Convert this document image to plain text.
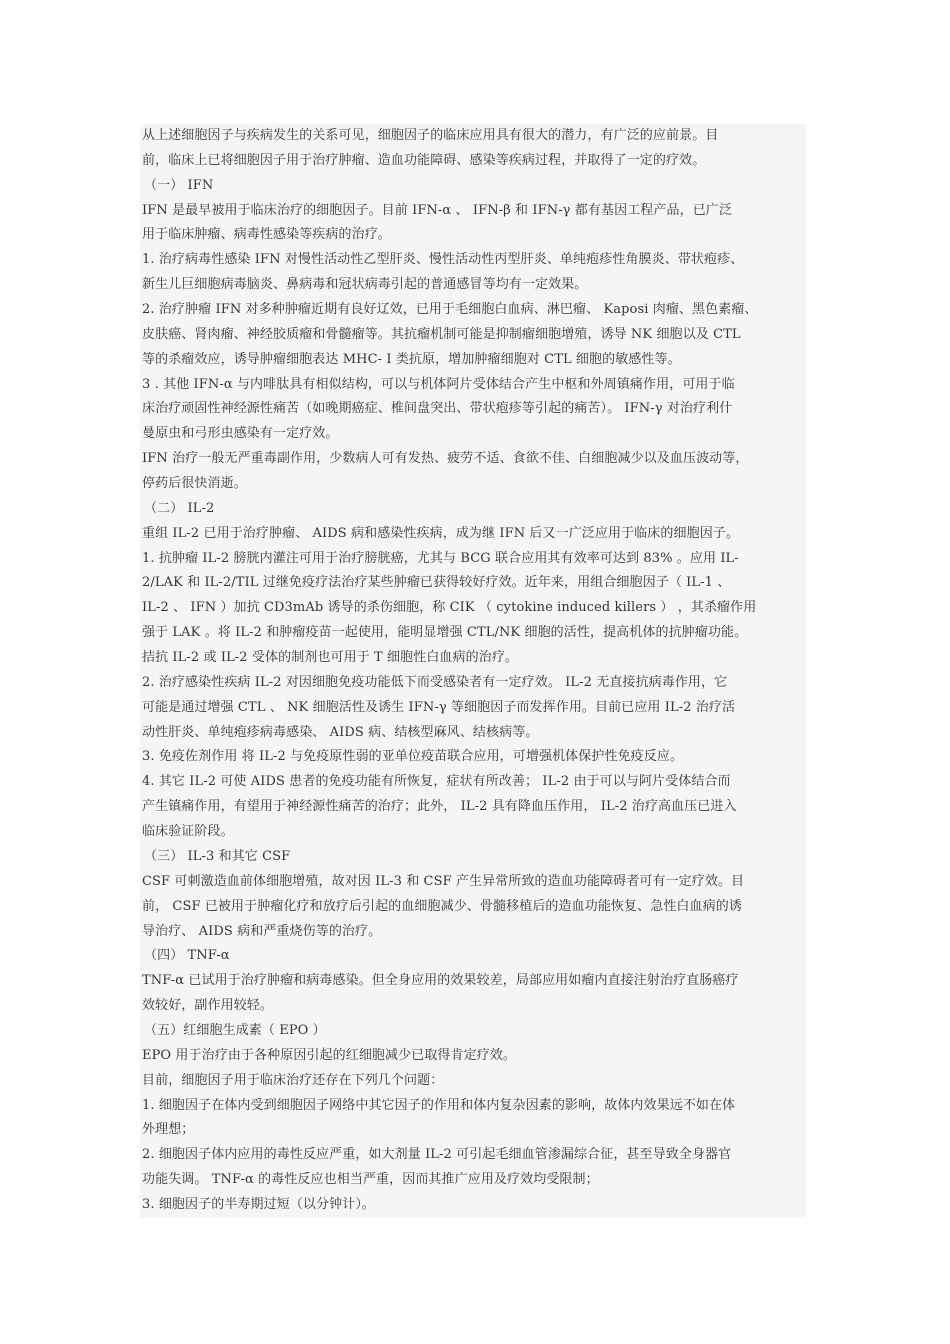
从上述细胞因子与疾病发生的关系可见，细胞因子的临床应用具有很大的潜力，有广泛的应前景。目
前，临床上已将细胞因子用于治疗肿瘤、造血功能障碍、感染等疾病过程，并取得了一定的疗效。
（一） IFN
IFN 是最早被用于临床治疗的细胞因子。目前 IFN-α 、 IFN-β 和 IFN-γ 都有基因工程产品，已广泛
用于临床肿瘤、病毒性感染等疾病的治疗。
1. 治疗病毒性感染 IFN 对慢性活动性乙型肝炎、慢性活动性丙型肝炎、单纯疱疹性角膜炎、带状疱疹、
新生儿巨细胞病毒脑炎、鼻病毒和冠状病毒引起的普通感冒等均有一定效果。
2. 治疗肿瘤 IFN 对多种肿瘤近期有良好辽效，已用于毛细胞白血病、淋巴瘤、 Kaposi 肉瘤、黑色素瘤、
皮肤癌、肾肉瘤、神经胶质瘤和骨髓瘤等。其抗瘤机制可能是抑制瘤细胞增殖，诱导 NK 细胞以及 CTL
等的杀瘤效应，诱导肿瘤细胞表达 MHC- Ⅰ 类抗原，增加肿瘤细胞对 CTL 细胞的敏感性等。
3 . 其他 IFN-α 与内啡肽具有相似结构，可以与机体阿片受体结合产生中枢和外周镇痛作用，可用于临
床治疗顽固性神经源性痛苦（如晚期癌症、椎间盘突出、带状疱疹等引起的痛苦）。 IFN-γ 对治疗利什
曼原虫和弓形虫感染有一定疗效。
IFN 治疗一般无严重毒副作用，少数病人可有发热、疲劳不适、食欲不佳、白细胞减少以及血压波动等，
停药后很快消逝。
（二） IL-2
重组 IL-2 已用于治疗肿瘤、 AIDS 病和感染性疾病，成为继 IFN 后又一广泛应用于临床的细胞因子。
1. 抗肿瘤 IL-2 膀胱内灌注可用于治疗膀胱癌，尤其与 BCG 联合应用其有效率可达到 83% 。应用 IL-
2/LAK 和 IL-2/TIL 过继免疫疗法治疗某些肿瘤已获得较好疗效。近年来，用组合细胞因子（ IL-1 、
IL-2 、 IFN ）加抗 CD3mAb 诱导的杀伤细胞，称 CIK （ cytokine induced killers ） ，其杀瘤作用
强于 LAK 。将 IL-2 和肿瘤疫苗一起使用，能明显增强 CTL/NK 细胞的活性，提高机体的抗肿瘤功能。
拮抗 IL-2 或 IL-2 受体的制剂也可用于 T 细胞性白血病的治疗。
2. 治疗感染性疾病 IL-2 对因细胞免疫功能低下而受感染者有一定疗效。 IL-2 无直接抗病毒作用，它
可能是通过增强 CTL 、 NK 细胞活性及诱生 IFN-γ 等细胞因子而发挥作用。目前已应用 IL-2 治疗活
动性肝炎、单纯疱疹病毒感染、 AIDS 病、结核型麻风、结核病等。
3. 免疫佐剂作用 将 IL-2 与免疫原性弱的亚单位疫苗联合应用，可增强机体保护性免疫反应。
4. 其它 IL-2 可使 AIDS 患者的免疫功能有所恢复，症状有所改善； IL-2 由于可以与阿片受体结合而
产生镇痛作用，有望用于神经源性痛苦的治疗；此外， IL-2 具有降血压作用， IL-2 治疗高血压已进入
临床验证阶段。
（三） IL-3 和其它 CSF
CSF 可刺激造血前体细胞增殖，故对因 IL-3 和 CSF 产生异常所致的造血功能障碍者可有一定疗效。目
前， CSF 已被用于肿瘤化疗和放疗后引起的血细胞减少、骨髓移植后的造血功能恢复、急性白血病的诱
导治疗、 AIDS 病和严重烧伤等的治疗。
（四） TNF-α
TNF-α 已试用于治疗肿瘤和病毒感染。但全身应用的效果较差，局部应用如瘤内直接注射治疗直肠癌疗
效较好，副作用较轻。
（五）红细胞生成素（ EPO ）
EPO 用于治疗由于各种原因引起的红细胞减少已取得肯定疗效。
目前，细胞因子用于临床治疗还存在下列几个问题：
1. 细胞因子在体内受到细胞因子网络中其它因子的作用和体内复杂因素的影响，故体内效果远不如在体
外理想；
2. 细胞因子体内应用的毒性反应严重，如大剂量 IL-2 可引起毛细血管渗漏综合征，甚至导致全身器官
功能失调。 TNF-α 的毒性反应也相当严重，因而其推广应用及疗效均受限制；
3. 细胞因子的半寿期过短（以分钟计）。
